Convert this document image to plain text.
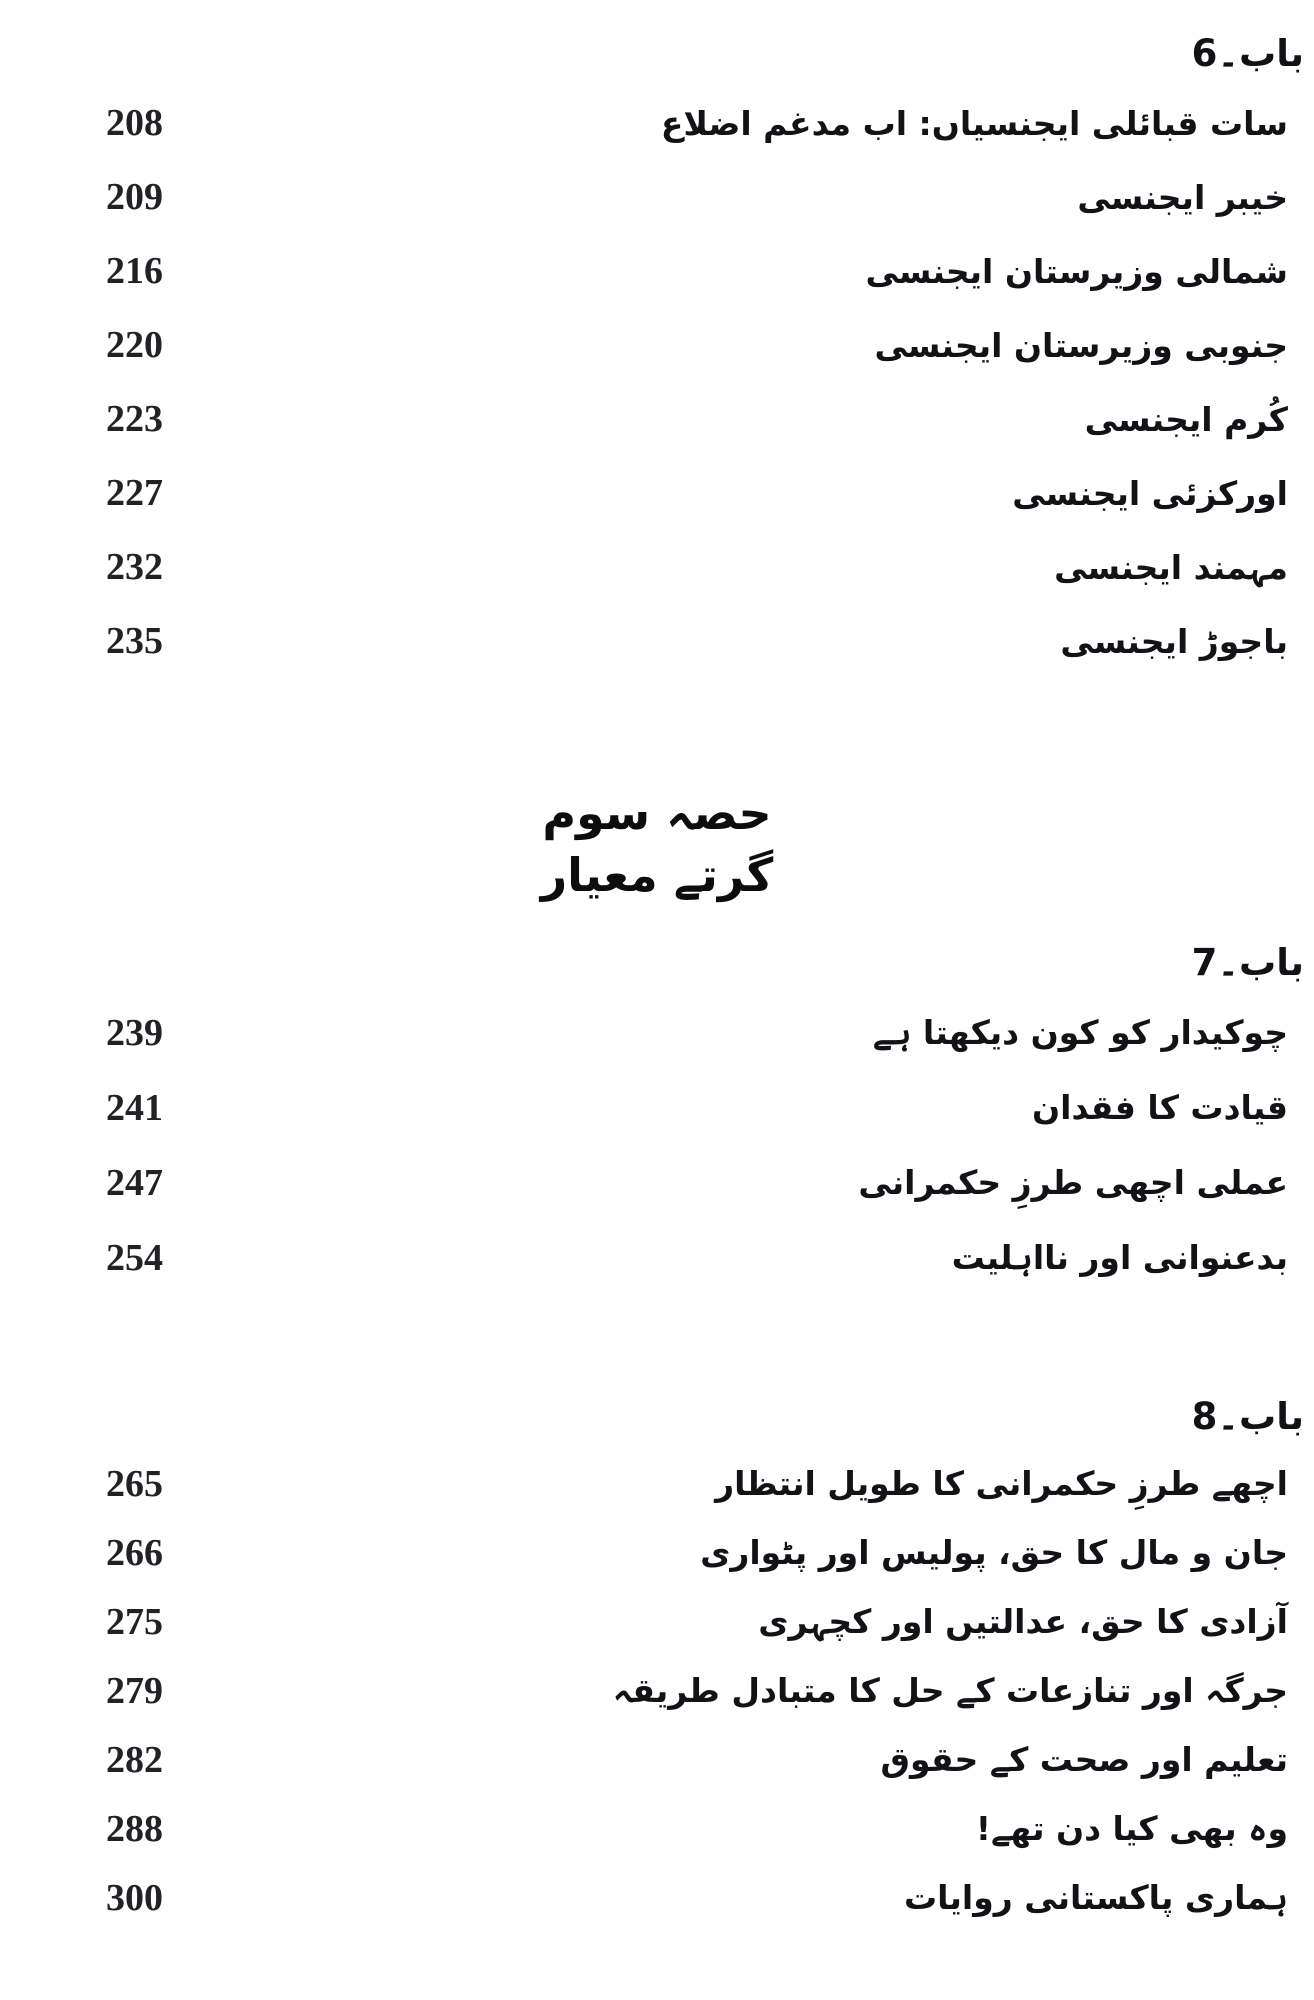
باب۔6
208	سات قبائلی ایجنسیاں: اب مدغم اضلاع
209	خیبر ایجنسی
216	شمالی وزیرستان ایجنسی
220	جنوبی وزیرستان ایجنسی
223	کُرم ایجنسی
227	اورکزئی ایجنسی
232	مہمند ایجنسی
235	باجوڑ ایجنسی
حصہ سوم
گرتے معیار
باب۔7
239	چوکیدار کو کون دیکھتا ہے
241	قیادت کا فقدان
247	عملی اچھی طرزِ حکمرانی
254	بدعنوانی اور نااہلیت
باب۔8
265	اچھے طرزِ حکمرانی کا طویل انتظار
266	جان و مال کا حق، پولیس اور پٹواری
275	آزادی کا حق، عدالتیں اور کچہری
279	جرگہ اور تنازعات کے حل کا متبادل طریقہ
282	تعلیم اور صحت کے حقوق
288	وہ بھی کیا دن تھے!
300	ہماری پاکستانی روایات
